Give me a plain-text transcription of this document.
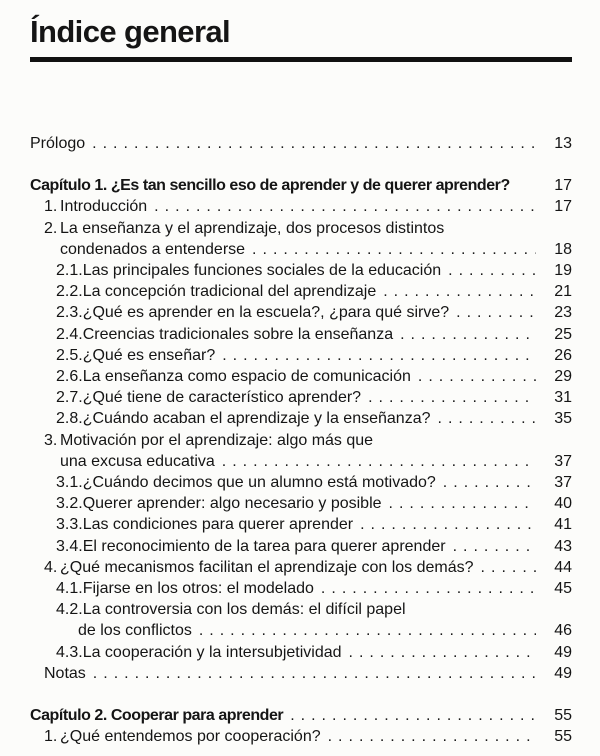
Índice general
Prólogo .....	13
Capítulo 1. ¿Es tan sencillo eso de aprender y de querer aprender?	17
1. Introducción .....	17
2. La enseñanza y el aprendizaje, dos procesos distintos
condenados a entenderse .....	18
2.1. Las principales funciones sociales de la educación .....	19
2.2. La concepción tradicional del aprendizaje .....	21
2.3. ¿Qué es aprender en la escuela?, ¿para qué sirve? .....	23
2.4. Creencias tradicionales sobre la enseñanza .....	25
2.5. ¿Qué es enseñar? .....	26
2.6. La enseñanza como espacio de comunicación .....	29
2.7. ¿Qué tiene de característico aprender? .....	31
2.8. ¿Cuándo acaban el aprendizaje y la enseñanza? .....	35
3. Motivación por el aprendizaje: algo más que
una excusa educativa .....	37
3.1. ¿Cuándo decimos que un alumno está motivado? .....	37
3.2. Querer aprender: algo necesario y posible .....	40
3.3. Las condiciones para querer aprender .....	41
3.4. El reconocimiento de la tarea para querer aprender .....	43
4. ¿Qué mecanismos facilitan el aprendizaje con los demás? .....	44
4.1. Fijarse en los otros: el modelado .....	45
4.2. La controversia con los demás: el difícil papel
de los conflictos .....	46
4.3. La cooperación y la intersubjetividad .....	49
Notas .....	49
Capítulo 2. Cooperar para aprender .....	55
1. ¿Qué entendemos por cooperación? .....	55
